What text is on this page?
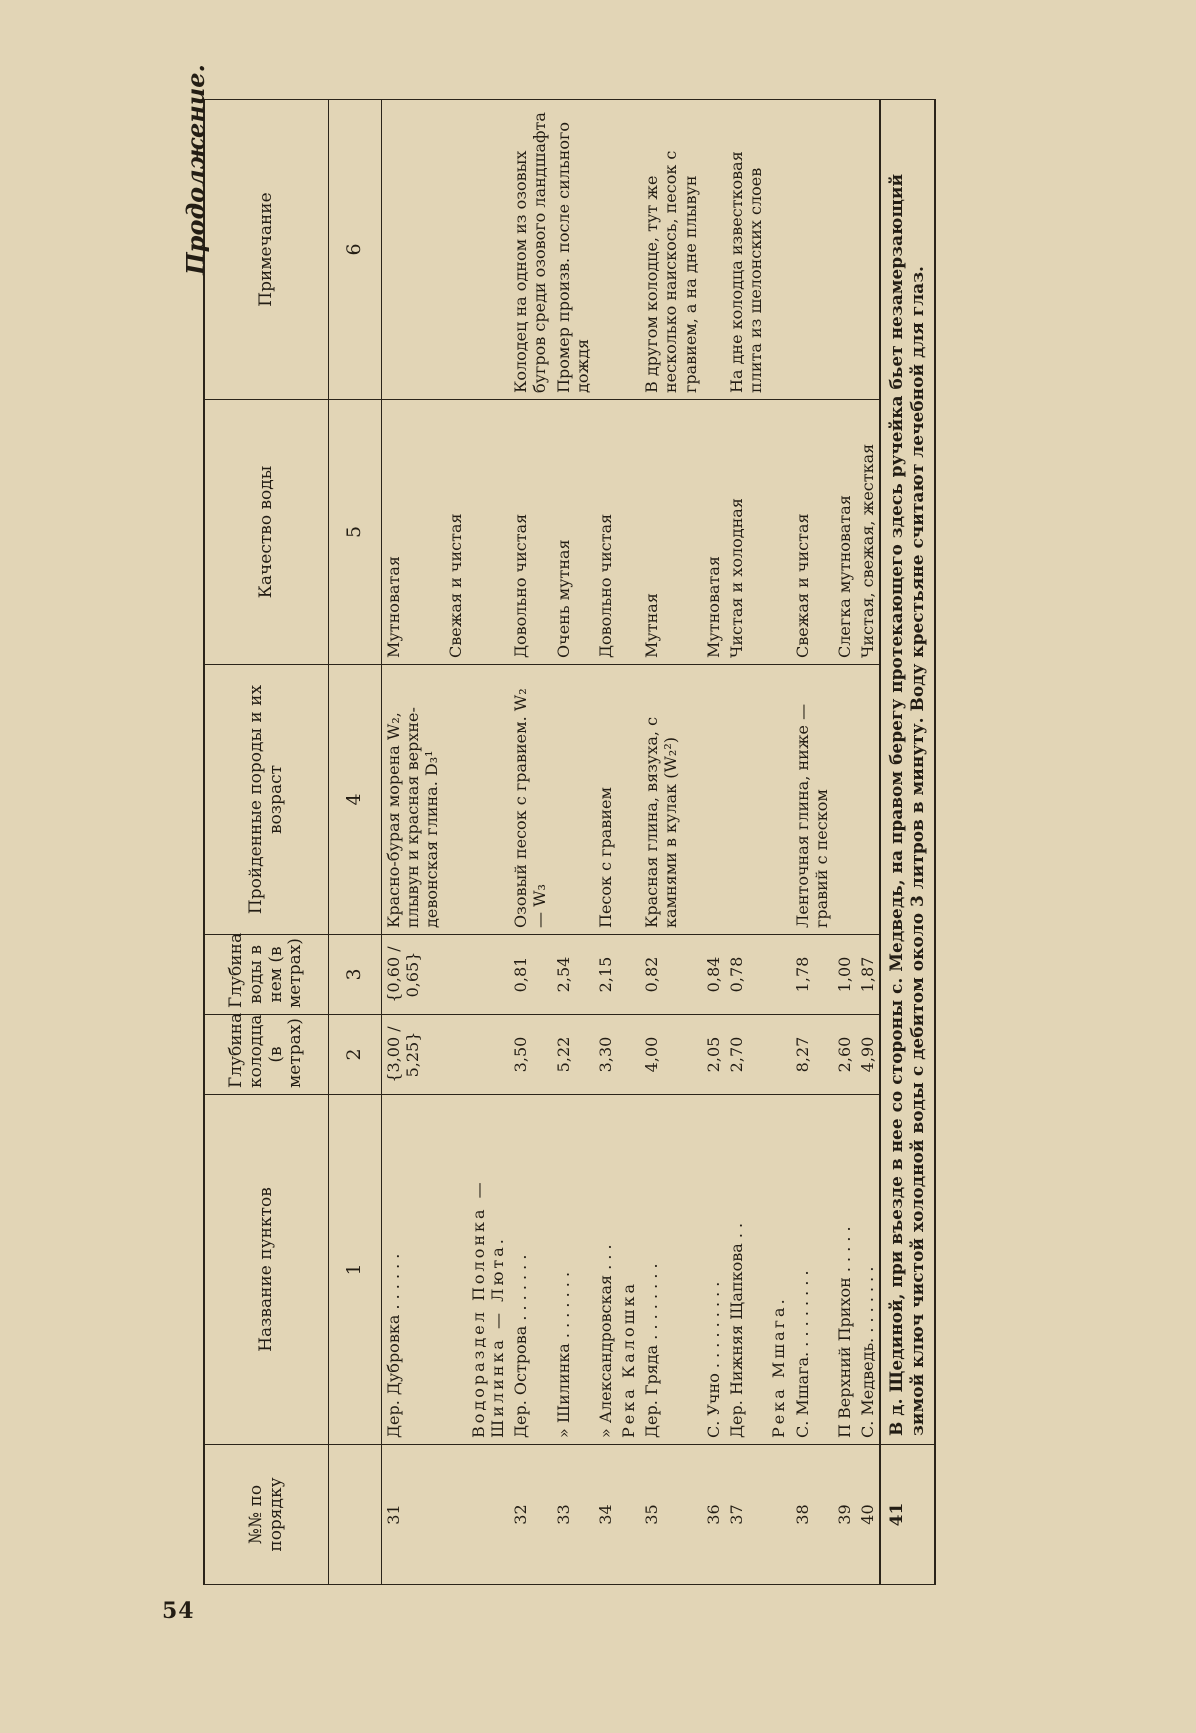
54
Продолжение.
№№ по порядку	Название пунктов	Глубина колодца (в метрах)	Глубина воды в нем (в метрах)	Пройденные породы и их возраст	Качество воды	Примечание
	1	2	3	4	5	6
31	Дер. Дубровка . . . . . .	{3,00 / 5,25}	{0,60 / 0,65}	Красно-бурая морена W₂, плывун и красная верхне-девонская глина. D₃¹	Мутноватая	
					Свежая и чистая	
	Водораздел Полонка — Шилинка — Люта.					
32	Дер. Острова . . . . . . .	3,50	0,81	Озовый песок с гравием. W₂ — W₃	Довольно чистая	Колодец на одном из озовых бугров среди озового ландшафта
33	» Шилинка . . . . . . .	5,22	2,54		Очень мутная	Промер произв. после сильного дождя
34	» Александровская . . .	3,30	2,15	Песок с гравием	Довольно чистая	
	Река Калошка					
35	Дер. Гряда . . . . . . . .	4,00	0,82	Красная глина, вязуха, с камнями в кулак (W₂²)	Мутная	В другом колодце, тут же несколько наискось, песок с гравием, а на дне плывун
36	С. Учно . . . . . . . . .	2,05	0,84		Мутноватая	
37	Дер. Нижняя Щапкова . .	2,70	0,78		Чистая и холодная	На дне колодца известковая плита из шелонских слоев
	Река Мшага.					
38	С. Мшага. . . . . . . . .	8,27	1,78	Ленточная глина, ниже — гравий с песком	Свежая и чистая	
39	П Верхний Прихон . . . . .	2,60	1,00		Слегка мутноватая	
40	С. Медведь. . . . . . . .	4,90	1,87		Чистая, свежая, жесткая	
41	В д. Щединой, при въезде в нее со стороны с. Медведь, на правом берегу протекающего здесь ручейка бьет незамерзающий зимой ключ чистой холодной воды с дебитом около 3 литров в минуту. Воду крестьяне считают лечебной для глаз.					
